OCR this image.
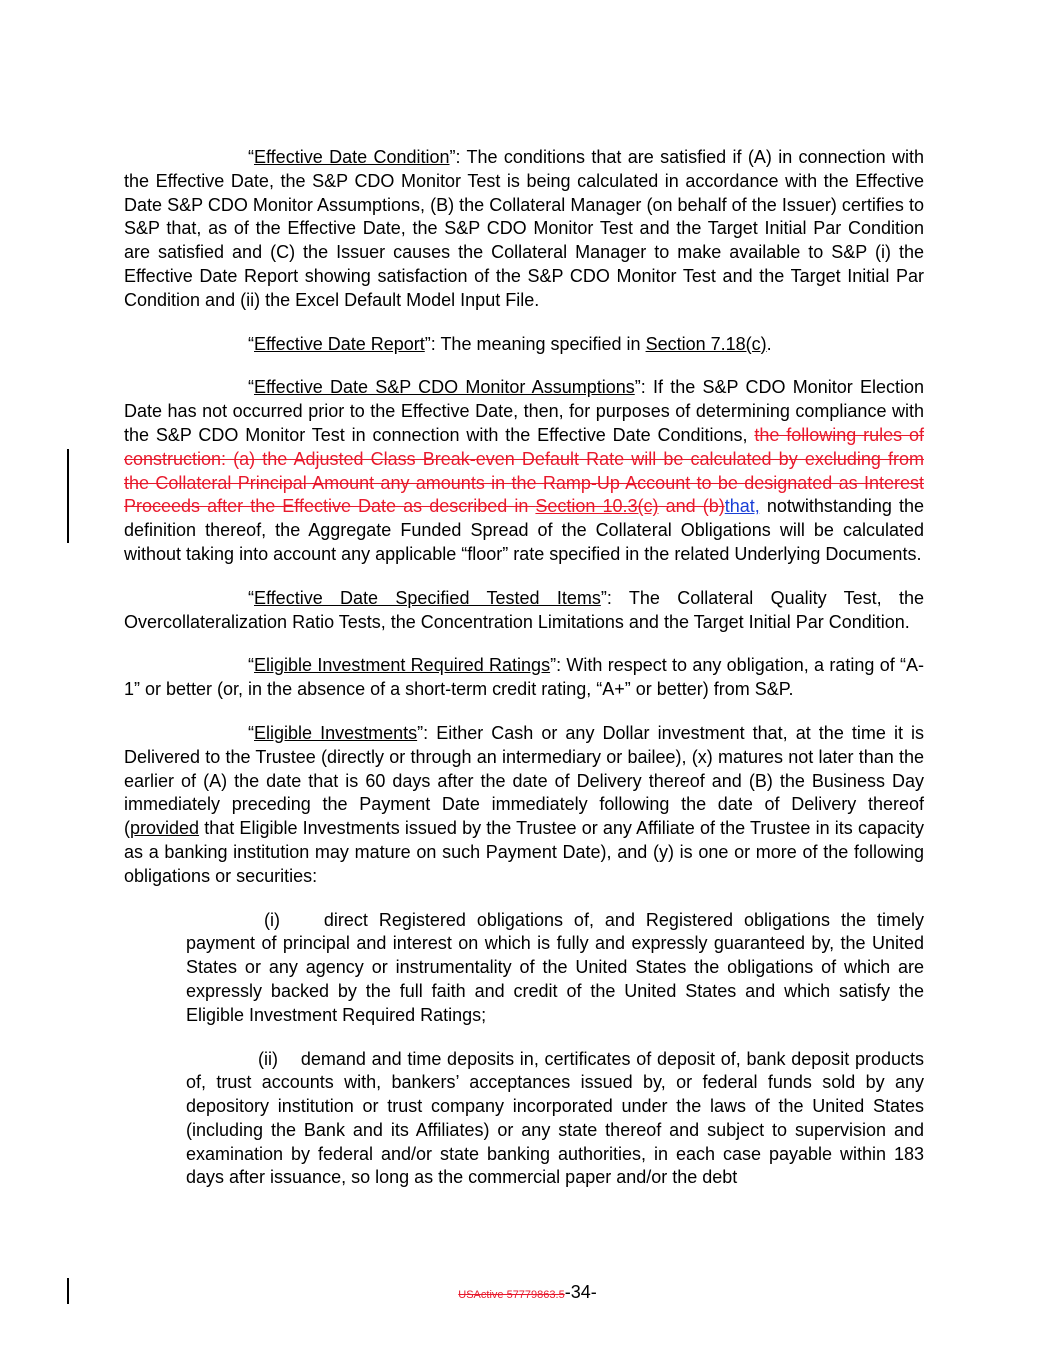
“Effective Date Condition”: The conditions that are satisfied if (A) in connection with the Effective Date, the S&P CDO Monitor Test is being calculated in accordance with the Effective Date S&P CDO Monitor Assumptions, (B) the Collateral Manager (on behalf of the Issuer) certifies to S&P that, as of the Effective Date, the S&P CDO Monitor Test and the Target Initial Par Condition are satisfied and (C) the Issuer causes the Collateral Manager to make available to S&P (i) the Effective Date Report showing satisfaction of the S&P CDO Monitor Test and the Target Initial Par Condition and (ii) the Excel Default Model Input File.

“Effective Date Report”: The meaning specified in Section 7.18(c).

“Effective Date S&P CDO Monitor Assumptions”: If the S&P CDO Monitor Election Date has not occurred prior to the Effective Date, then, for purposes of determining compliance with the S&P CDO Monitor Test in connection with the Effective Date Conditions, the following rules of construction: (a) the Adjusted Class Break-even Default Rate will be calculated by excluding from the Collateral Principal Amount any amounts in the Ramp-Up Account to be designated as Interest Proceeds after the Effective Date as described in Section 10.3(c) and (b)that, notwithstanding the definition thereof, the Aggregate Funded Spread of the Collateral Obligations will be calculated without taking into account any applicable “floor” rate specified in the related Underlying Documents.

“Effective Date Specified Tested Items”: The Collateral Quality Test, the Overcollateralization Ratio Tests, the Concentration Limitations and the Target Initial Par Condition.

“Eligible Investment Required Ratings”: With respect to any obligation, a rating of “A-1” or better (or, in the absence of a short-term credit rating, “A+” or better) from S&P.

“Eligible Investments”: Either Cash or any Dollar investment that, at the time it is Delivered to the Trustee (directly or through an intermediary or bailee), (x) matures not later than the earlier of (A) the date that is 60 days after the date of Delivery thereof and (B) the Business Day immediately preceding the Payment Date immediately following the date of Delivery thereof (provided that Eligible Investments issued by the Trustee or any Affiliate of the Trustee in its capacity as a banking institution may mature on such Payment Date), and (y) is one or more of the following obligations or securities:

(i) direct Registered obligations of, and Registered obligations the timely payment of principal and interest on which is fully and expressly guaranteed by, the United States or any agency or instrumentality of the United States the obligations of which are expressly backed by the full faith and credit of the United States and which satisfy the Eligible Investment Required Ratings;

(ii) demand and time deposits in, certificates of deposit of, bank deposit products of, trust accounts with, bankers’ acceptances issued by, or federal funds sold by any depository institution or trust company incorporated under the laws of the United States (including the Bank and its Affiliates) or any state thereof and subject to supervision and examination by federal and/or state banking authorities, in each case payable within 183 days after issuance, so long as the commercial paper and/or the debt

USActive 57779863.5-34-
